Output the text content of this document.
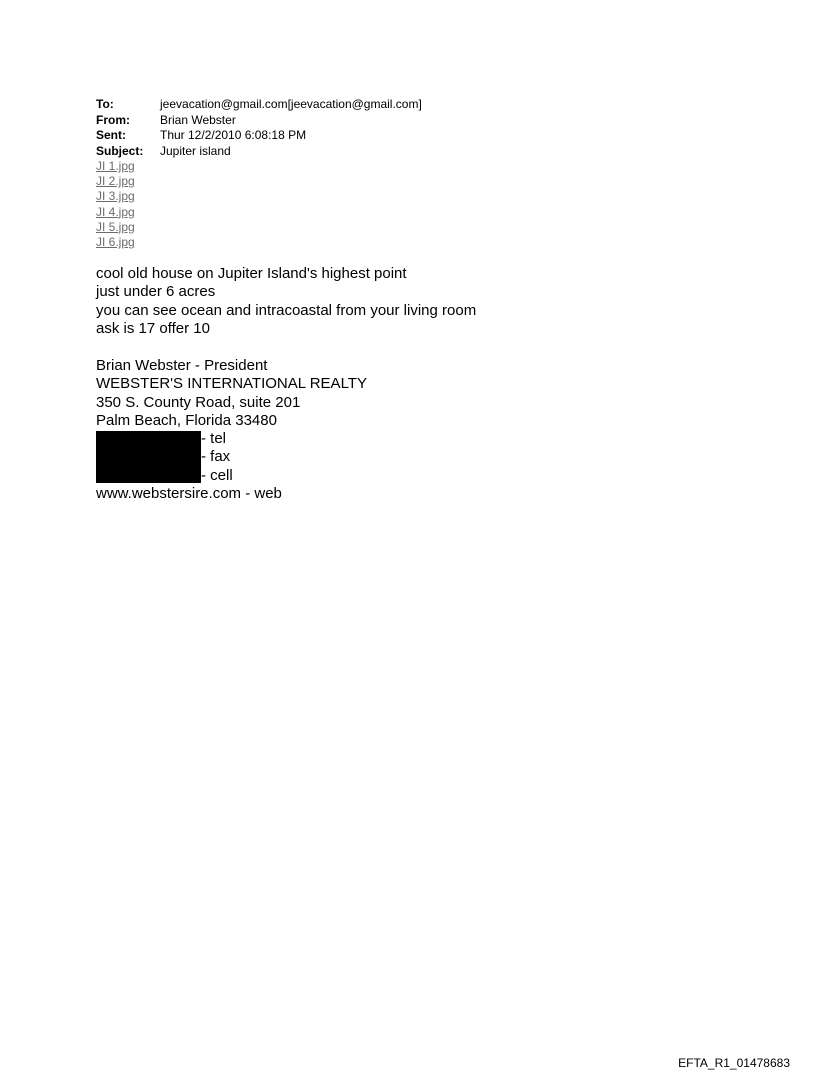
To:	jeevacation@gmail.com[jeevacation@gmail.com]
From:	Brian Webster
Sent:	Thur 12/2/2010 6:08:18 PM
Subject:	Jupiter island
JI 1.jpg
JI 2.jpg
JI 3.jpg
JI 4.jpg
JI 5.jpg
JI 6.jpg
cool old house on Jupiter Island's highest point
just under 6 acres
you can see ocean and intracoastal from your living room
ask is 17 offer 10
Brian Webster - President
WEBSTER'S INTERNATIONAL REALTY
350 S. County Road, suite 201
Palm Beach, Florida 33480
- tel
- fax
- cell
www.webstersire.com - web
EFTA_R1_01478683
